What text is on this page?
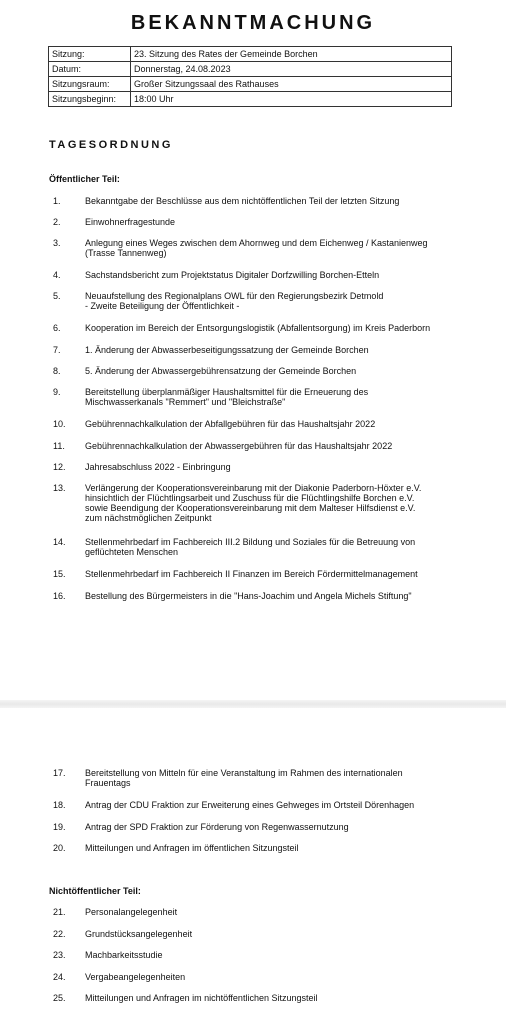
BEKANNTMACHUNG
Sitzung:	23. Sitzung des Rates der Gemeinde Borchen
Datum:	Donnerstag, 24.08.2023
Sitzungsraum:	Großer Sitzungssaal des Rathauses
Sitzungsbeginn:	18:00 Uhr
TAGESORDNUNG
Öffentlicher Teil:
Nichtöffentlicher Teil:
1.	Bekanntgabe der Beschlüsse aus dem nichtöffentlichen Teil der letzten Sitzung
2.	Einwohnerfragestunde
3.	Anlegung eines Weges zwischen dem Ahornweg und dem Eichenweg / Kastanienweg
(Trasse Tannenweg)
4.	Sachstandsbericht zum Projektstatus Digitaler Dorfzwilling Borchen-Etteln
5.	Neuaufstellung des Regionalplans OWL für den Regierungsbezirk Detmold
- Zweite Beteiligung der Öffentlichkeit -
6.	Kooperation im Bereich der Entsorgungslogistik (Abfallentsorgung) im Kreis Paderborn
7.	1. Änderung der Abwasserbeseitigungssatzung der Gemeinde Borchen
8.	5. Änderung der Abwassergebührensatzung der Gemeinde Borchen
9.	Bereitstellung überplanmäßiger Haushaltsmittel für die Erneuerung des
Mischwasserkanals "Remmert" und "Bleichstraße"
10. Gebührennachkalkulation der Abfallgebühren für das Haushaltsjahr 2022
11. Gebührennachkalkulation der Abwassergebühren für das Haushaltsjahr 2022
12. Jahresabschluss 2022 - Einbringung
13. Verlängerung der Kooperationsvereinbarung mit der Diakonie Paderborn-Höxter e.V.
hinsichtlich der Flüchtlingsarbeit und Zuschuss für die Flüchtlingshilfe Borchen e.V.
sowie Beendigung der Kooperationsvereinbarung mit dem Malteser Hilfsdienst e.V.
zum nächstmöglichen Zeitpunkt
14. Stellenmehrbedarf im Fachbereich III.2 Bildung und Soziales für die Betreuung von
geflüchteten Menschen
15. Stellenmehrbedarf im Fachbereich II Finanzen im Bereich Fördermittelmanagement
16. Bestellung des Bürgermeisters in die "Hans-Joachim und Angela Michels Stiftung"
17. Bereitstellung von Mitteln für eine Veranstaltung im Rahmen des internationalen
Frauentags
18. Antrag der CDU Fraktion zur Erweiterung eines Gehweges im Ortsteil Dörenhagen
19. Antrag der SPD Fraktion zur Förderung von Regenwassernutzung
20. Mitteilungen und Anfragen im öffentlichen Sitzungsteil
21. Personalangelegenheit
22. Grundstücksangelegenheit
23. Machbarkeitsstudie
24. Vergabeangelegenheiten
25. Mitteilungen und Anfragen im nichtöffentlichen Sitzungsteil
